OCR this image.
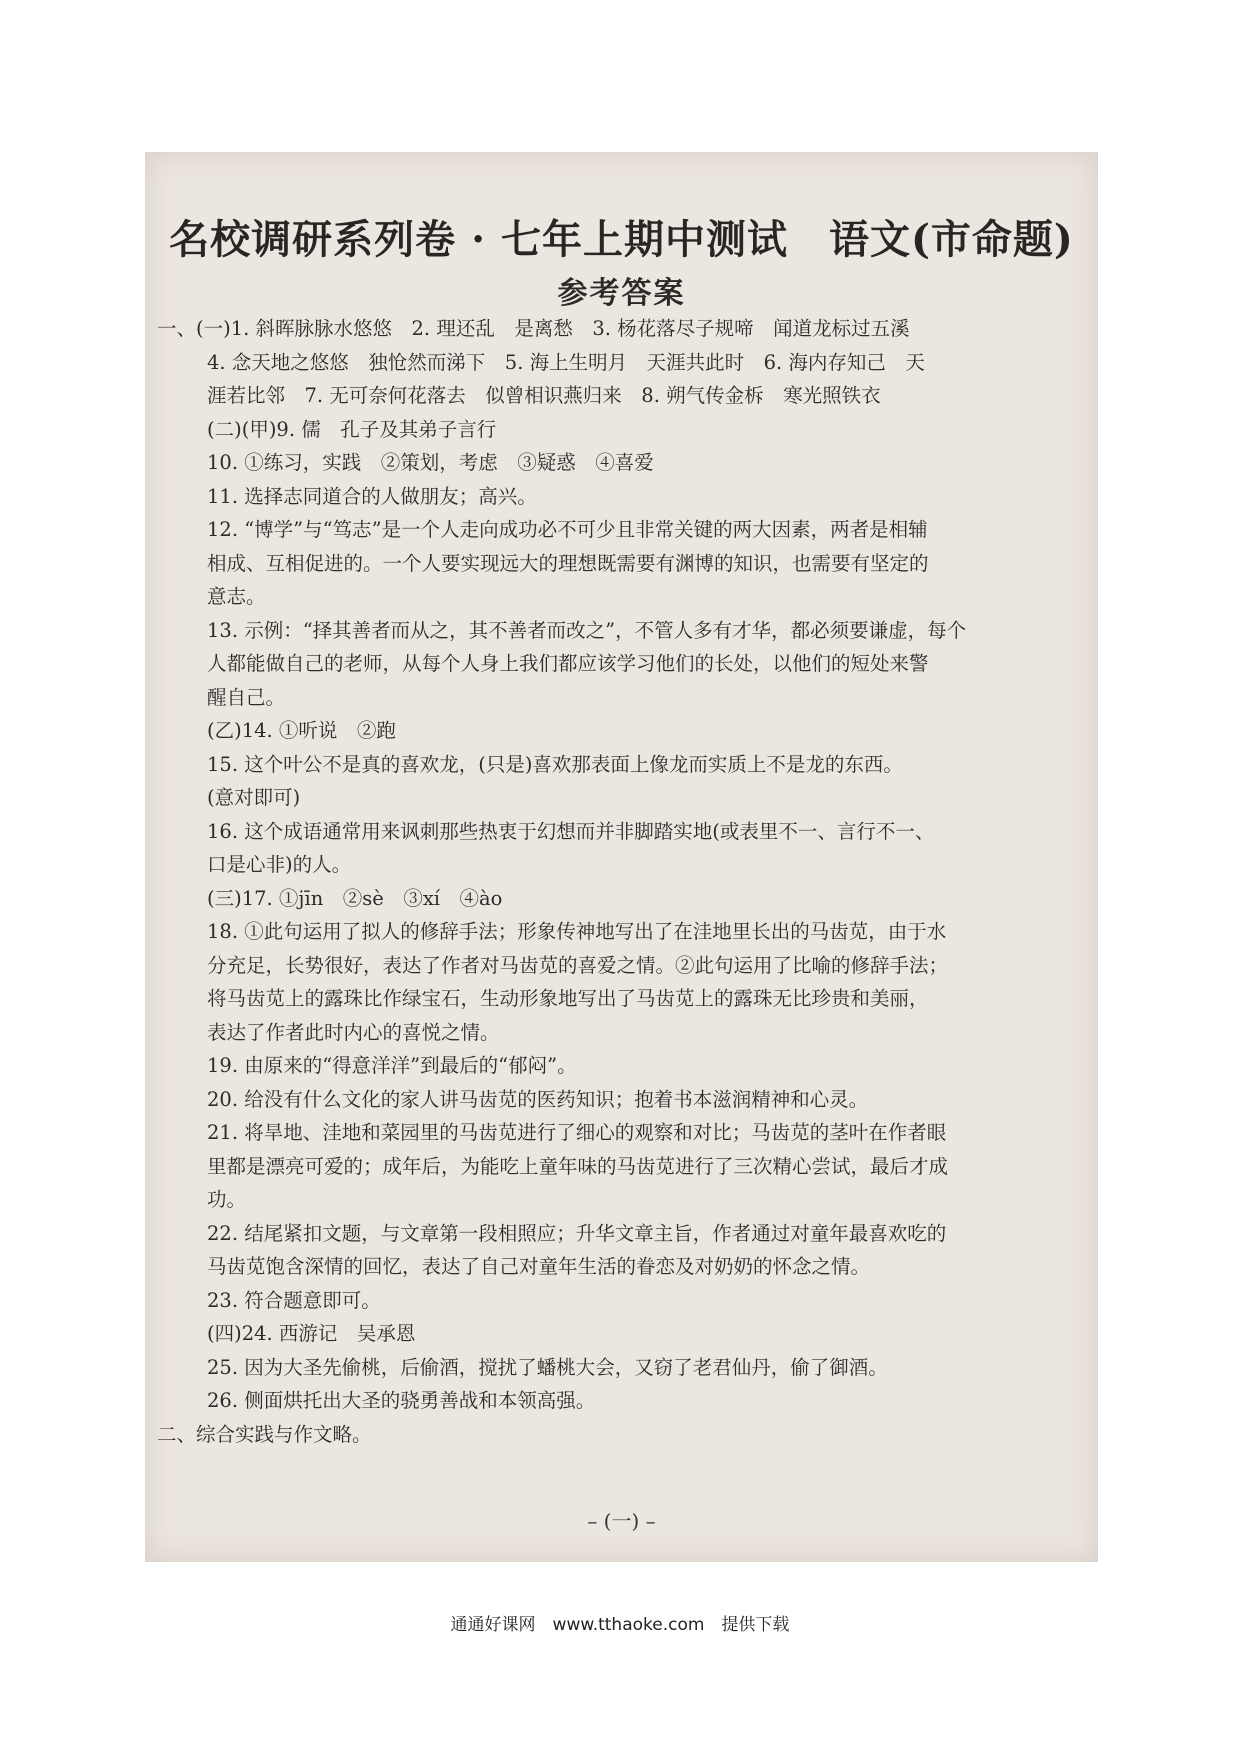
名校调研系列卷 · 七年上期中测试　语文(市命题)
参考答案

一、(一)1. 斜晖脉脉水悠悠　2. 理还乱　是离愁　3. 杨花落尽子规啼　闻道龙标过五溪

4. 念天地之悠悠　独怆然而涕下　5. 海上生明月　天涯共此时　6. 海内存知己　天

涯若比邻　7. 无可奈何花落去　似曾相识燕归来　8. 朔气传金柝　寒光照铁衣

(二)(甲)9. 儒　孔子及其弟子言行

10. ①练习，实践　②策划，考虑　③疑惑　④喜爱

11. 选择志同道合的人做朋友；高兴。

12. “博学”与“笃志”是一个人走向成功必不可少且非常关键的两大因素，两者是相辅

相成、互相促进的。一个人要实现远大的理想既需要有渊博的知识，也需要有坚定的

意志。

13. 示例：“择其善者而从之，其不善者而改之”，不管人多有才华，都必须要谦虚，每个

人都能做自己的老师，从每个人身上我们都应该学习他们的长处，以他们的短处来警

醒自己。

(乙)14. ①听说　②跑

15. 这个叶公不是真的喜欢龙，(只是)喜欢那表面上像龙而实质上不是龙的东西。

(意对即可)

16. 这个成语通常用来讽刺那些热衷于幻想而并非脚踏实地(或表里不一、言行不一、

口是心非)的人。

(三)17. ①jīn　②sè　③xí　④ào

18. ①此句运用了拟人的修辞手法；形象传神地写出了在洼地里长出的马齿苋，由于水

分充足，长势很好，表达了作者对马齿苋的喜爱之情。②此句运用了比喻的修辞手法；

将马齿苋上的露珠比作绿宝石，生动形象地写出了马齿苋上的露珠无比珍贵和美丽，

表达了作者此时内心的喜悦之情。

19. 由原来的“得意洋洋”到最后的“郁闷”。

20. 给没有什么文化的家人讲马齿苋的医药知识；抱着书本滋润精神和心灵。

21. 将旱地、洼地和菜园里的马齿苋进行了细心的观察和对比；马齿苋的茎叶在作者眼

里都是漂亮可爱的；成年后，为能吃上童年味的马齿苋进行了三次精心尝试，最后才成

功。

22. 结尾紧扣文题，与文章第一段相照应；升华文章主旨，作者通过对童年最喜欢吃的

马齿苋饱含深情的回忆，表达了自己对童年生活的眷恋及对奶奶的怀念之情。

23. 符合题意即可。

(四)24. 西游记　吴承恩

25. 因为大圣先偷桃，后偷酒，搅扰了蟠桃大会，又窃了老君仙丹，偷了御酒。

26. 侧面烘托出大圣的骁勇善战和本领高强。

二、综合实践与作文略。

– (一) –
通通好课网　www.tthaoke.com　提供下载
